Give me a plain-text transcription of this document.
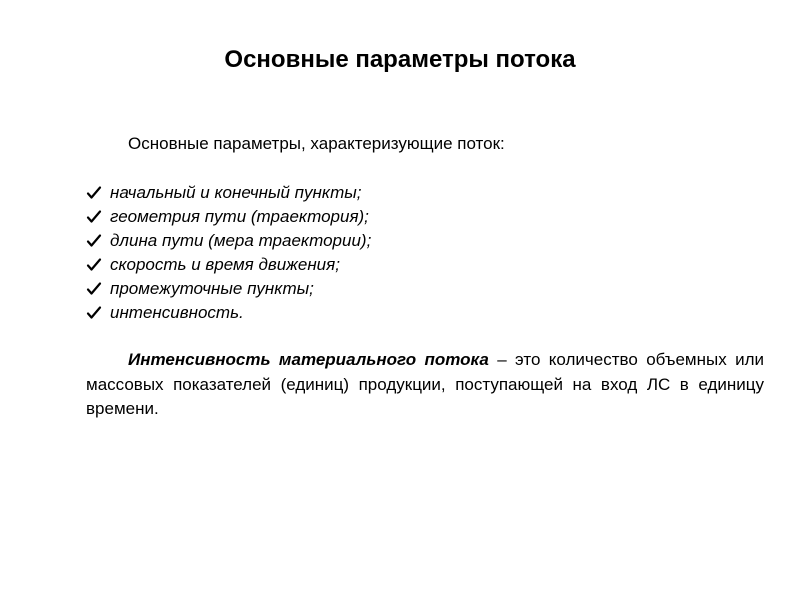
Основные параметры потока

Основные параметры, характеризующие поток:

начальный и конечный пункты;
геометрия пути (траектория);
длина пути (мера траектории);
скорость и время движения;
промежуточные пункты;
интенсивность.

Интенсивность материального потока – это количество объемных или массовых показателей (единиц) продукции, поступающей на вход ЛС в единицу времени.
